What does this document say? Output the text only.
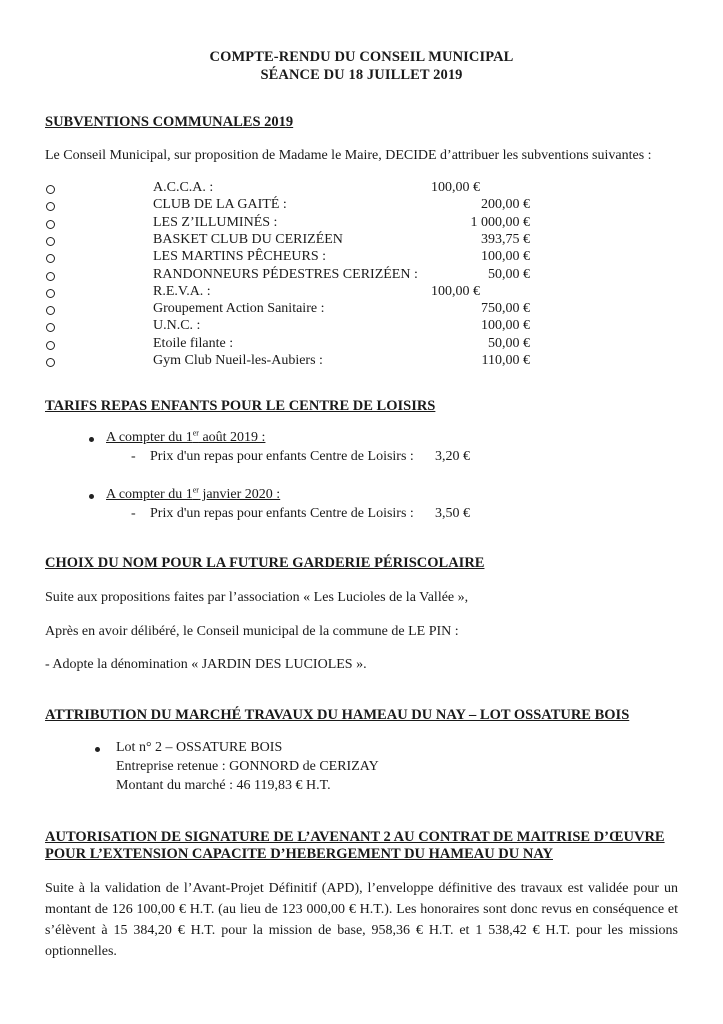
COMPTE-RENDU DU CONSEIL MUNICIPAL
SÉANCE DU 18 JUILLET 2019
SUBVENTIONS COMMUNALES 2019
Le Conseil Municipal, sur proposition de Madame le Maire, DECIDE d’attribuer les subventions suivantes :
A.C.C.A. :	100,00 €
CLUB DE LA GAITÉ :	200,00 €
LES Z’ILLUMINÉS :	1 000,00 €
BASKET CLUB DU CERIZÉEN	393,75 €
LES MARTINS PÊCHEURS :	100,00 €
RANDONNEURS PÉDESTRES CERIZÉEN :	50,00 €
R.E.V.A. :	100,00 €
Groupement Action Sanitaire :	750,00 €
U.N.C. :	100,00 €
Etoile filante :	50,00 €
Gym Club Nueil-les-Aubiers :	110,00 €
TARIFS REPAS ENFANTS POUR LE CENTRE DE LOISIRS
A compter du 1er août 2019 :
- Prix d'un repas pour enfants Centre de Loisirs : 3,20 €
A compter du 1er janvier 2020 :
- Prix d'un repas pour enfants Centre de Loisirs : 3,50 €
CHOIX DU NOM POUR LA FUTURE GARDERIE PÉRISCOLAIRE
Suite aux propositions faites par l’association « Les Lucioles de la Vallée »,
Après en avoir délibéré, le Conseil municipal de la commune de LE PIN :
- Adopte la dénomination « JARDIN DES LUCIOLES ».
ATTRIBUTION DU MARCHÉ TRAVAUX DU HAMEAU DU NAY – LOT OSSATURE BOIS
Lot n° 2 – OSSATURE BOIS
Entreprise retenue : GONNORD de CERIZAY
Montant du marché : 46 119,83 € H.T.
AUTORISATION DE SIGNATURE DE L’AVENANT 2 AU CONTRAT DE MAITRISE D’ŒUVRE
POUR L’EXTENSION CAPACITE D’HEBERGEMENT DU HAMEAU DU NAY
Suite à la validation de l’Avant-Projet Définitif (APD), l’enveloppe définitive des travaux est validée pour un montant de 126 100,00 € H.T. (au lieu de 123 000,00 € H.T.). Les honoraires sont donc revus en conséquence et s’élèvent à 15 384,20 € H.T. pour la mission de base, 958,36 € H.T. et 1 538,42 € H.T. pour les missions optionnelles.
